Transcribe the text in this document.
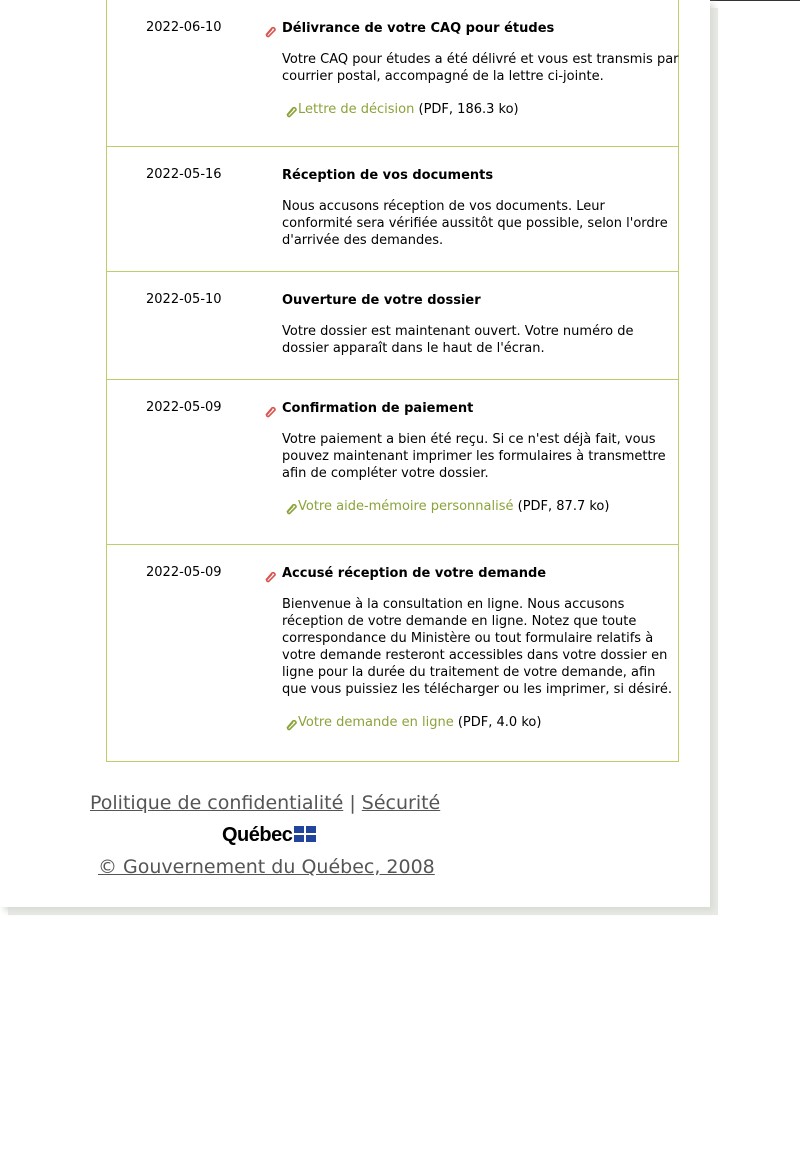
2022-06-10	Délivrance de votre CAQ pour études

Votre CAQ pour études a été délivré et vous est transmis par courrier postal, accompagné de la lettre ci-jointe.

Lettre de décision (PDF, 186.3 ko)
2022-05-16	Réception de vos documents

Nous accusons réception de vos documents. Leur conformité sera vérifiée aussitôt que possible, selon l'ordre d'arrivée des demandes.

2022-05-10	Ouverture de votre dossier

Votre dossier est maintenant ouvert. Votre numéro de dossier apparaît dans le haut de l'écran.

2022-05-09	Confirmation de paiement

Votre paiement a bien été reçu. Si ce n'est déjà fait, vous pouvez maintenant imprimer les formulaires à transmettre afin de compléter votre dossier.

Votre aide-mémoire personnalisé (PDF, 87.7 ko)
2022-05-09	Accusé réception de votre demande

Bienvenue à la consultation en ligne. Nous accusons réception de votre demande en ligne. Notez que toute correspondance du Ministère ou tout formulaire relatifs à votre demande resteront accessibles dans votre dossier en ligne pour la durée du traitement de votre demande, afin que vous puissiez les télécharger ou les imprimer, si désiré.

Votre demande en ligne (PDF, 4.0 ko)
Politique de confidentialité | Sécurité
Québec
© Gouvernement du Québec, 2008
